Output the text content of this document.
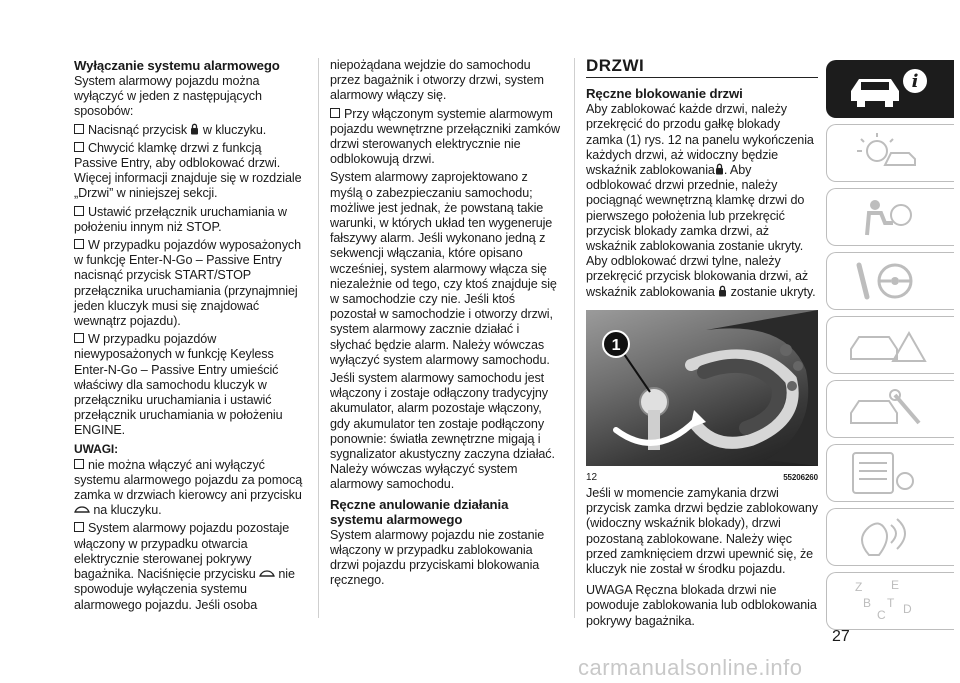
Wyłączanie systemu alarmowego
System alarmowy pojazdu można wyłączyć w jeden z następujących sposobów:
Nacisnąć przycisk w kluczyku.
Chwycić klamkę drzwi z funkcją Passive Entry, aby odblokować drzwi. Więcej informacji znajduje się w rozdziale „Drzwi” w niniejszej sekcji.
Ustawić przełącznik uruchamiania w położeniu innym niż STOP.
W przypadku pojazdów wyposażonych w funkcję Enter-N-Go – Passive Entry nacisnąć przycisk START/STOP przełącznika uruchamiania (przynajmniej jeden kluczyk musi się znajdować wewnątrz pojazdu).
W przypadku pojazdów niewyposażonych w funkcję Keyless Enter-N-Go – Passive Entry umieścić właściwy dla samochodu kluczyk w przełączniku uruchamiania i ustawić przełącznik uruchamiania w położeniu ENGINE.
UWAGI:
nie można włączyć ani wyłączyć systemu alarmowego pojazdu za pomocą zamka w drzwiach kierowcy ani przycisku  na kluczyku.
System alarmowy pojazdu pozostaje włączony w przypadku otwarcia elektrycznie sterowanej pokrywy bagażnika. Naciśnięcie przycisku nie spowoduje wyłączenia systemu alarmowego pojazdu. Jeśli osoba
niepożądana wejdzie do samochodu przez bagażnik i otworzy drzwi, system alarmowy włączy się.
Przy włączonym systemie alarmowym pojazdu wewnętrzne przełączniki zamków drzwi sterowanych elektrycznie nie odblokowują drzwi.
System alarmowy zaprojektowano z myślą o zabezpieczaniu samochodu; możliwe jest jednak, że powstaną takie warunki, w których układ ten wygeneruje fałszywy alarm. Jeśli wykonano jedną z sekwencji włączania, które opisano wcześniej, system alarmowy włącza się niezależnie od tego, czy ktoś znajduje się w samochodzie czy nie. Jeśli ktoś pozostał w samochodzie i otworzy drzwi, system alarmowy zacznie działać i słychać będzie alarm. Należy wówczas wyłączyć system alarmowy samochodu.
Jeśli system alarmowy samochodu jest włączony i zostaje odłączony tradycyjny akumulator, alarm pozostaje włączony, gdy akumulator ten zostaje podłączony ponownie: światła zewnętrzne migają i sygnalizator akustyczny zaczyna działać. Należy wówczas wyłączyć system alarmowy samochodu.
Ręczne anulowanie działania systemu alarmowego
System alarmowy pojazdu nie zostanie włączony w przypadku zablokowania drzwi pojazdu przyciskami blokowania ręcznego.
DRZWI
Ręczne blokowanie drzwi
Aby zablokować każde drzwi, należy przekręcić do przodu gałkę blokady zamka (1) rys. 12 na panelu wykończenia każdych drzwi, aż widoczny będzie wskaźnik zablokowania . Aby odblokować drzwi przednie, należy pociągnąć wewnętrzną klamkę drzwi do pierwszego położenia lub przekręcić przycisk blokady zamka drzwi, aż wskaźnik zablokowania zostanie ukryty. Aby odblokować drzwi tylne, należy przekręcić przycisk blokowania drzwi, aż wskaźnik zablokowania zostanie ukryty.
1
12	55206260
Jeśli w momencie zamykania drzwi przycisk zamka drzwi będzie zablokowany (widoczny wskaźnik blokady), drzwi pozostaną zablokowane. Należy więc przed zamknięciem drzwi upewnić się, że kluczyk nie został w środku pojazdu.
UWAGA Ręczna blokada drzwi nie powoduje zablokowania lub odblokowania pokrywy bagażnika.
i
Z E
B
C
T D
27
carmanualsonline.info
